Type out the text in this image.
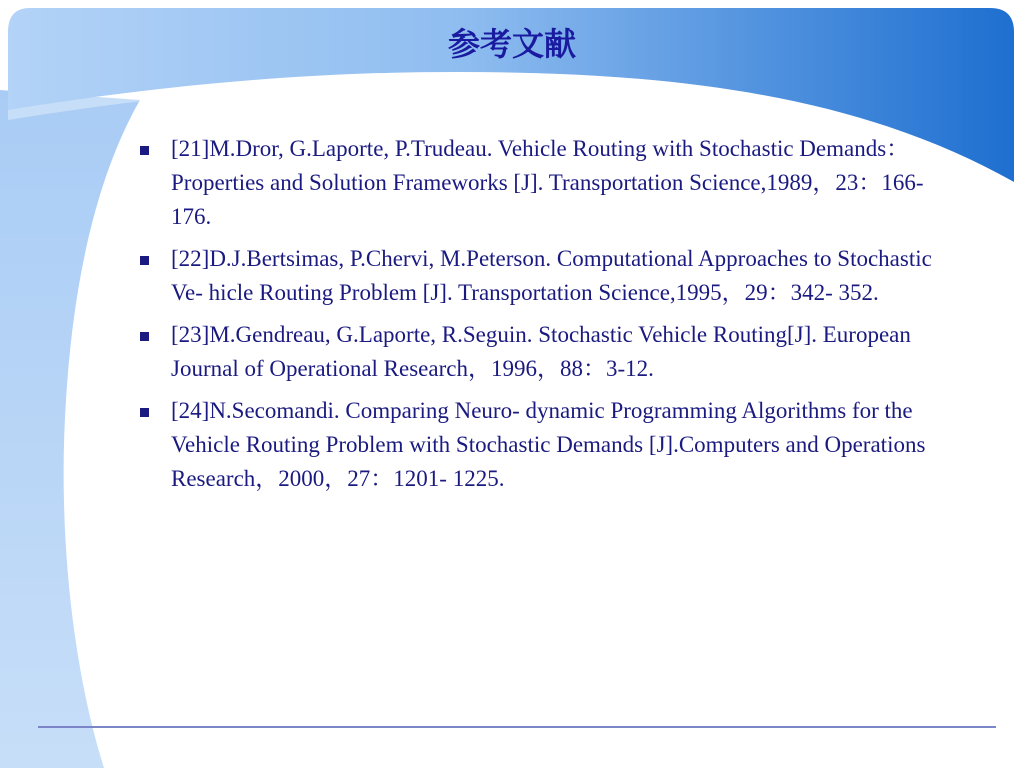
参考文献
[21]M.Dror, G.Laporte, P.Trudeau. Vehicle Routing with Stochastic Demands：Properties and Solution Frameworks [J]. Transportation Science,1989，23：166- 176.
[22]D.J.Bertsimas, P.Chervi, M.Peterson. Computational Approaches to Stochastic Ve- hicle Routing Problem [J]. Transportation Science,1995，29：342- 352.
[23]M.Gendreau, G.Laporte, R.Seguin. Stochastic Vehicle Routing[J]. European Journal of Operational Research，1996，88：3-12.
[24]N.Secomandi. Comparing Neuro- dynamic Programming Algorithms for the Vehicle Routing Problem with Stochastic Demands [J].Computers and Operations Research，2000，27：1201- 1225.
